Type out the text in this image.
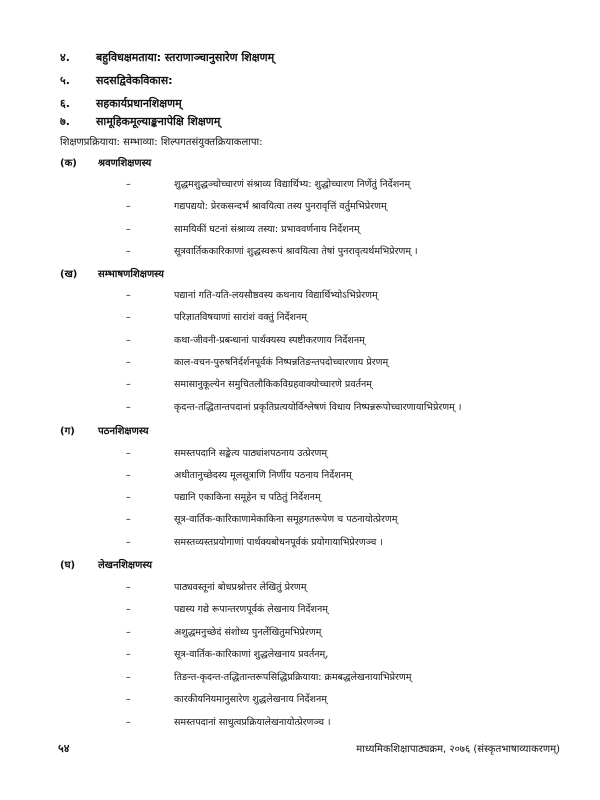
४. बहुविधक्षमताया: स्तराणाञ्चानुसारेण शिक्षणम्
५. सदसद्विवेकविकास:
६. सहकार्यप्रधानशिक्षणम्
७. सामूहिकमूल्याङ्कनापेक्षि शिक्षणम्
शिक्षणप्रक्रियाया: सम्भाव्या: शिल्पगतसंयुक्तक्रियाकलापा:
(क) श्रवणशिक्षणस्य
–	शुद्धमशुद्धञ्चोच्चारणं संश्राव्य विद्यार्थिभ्य: शुद्धोच्चारण निर्णेतुं निर्देशनम्
–	गद्यपद्ययो: प्रेरकसन्दर्भं श्रावयित्वा तस्य पुनरावृत्तिं वर्तुमभिप्रेरणम्
–	सामयिकीं घटनां संश्राव्य तस्या: प्रभाववर्णनाय निर्देशनम्
–	सूत्रवार्तिककारिकाणां शुद्धस्वरूपं श्रावयित्वा तेषां पुनरावृत्यर्थमभिप्रेरणम् ।
(ख) सम्भाषणशिक्षणस्य
–	पद्यानां गति-यति-लयसौष्ठवस्य कथनाय विद्यार्थिभ्योऽभिप्रेरणम्
–	परिज्ञातविषयाणां सारांशं वक्तुं निर्देशनम्
–	कथा-जीवनी-प्रबन्धानां पार्थक्यस्य स्पष्टीकरणाय निर्देशनम्
–	काल-वचन-पुरुषनिर्दर्शनपूर्वकं निष्पन्नतिङन्तपदोच्चारणाय प्रेरणम्
–	समासानुकूल्येन समुचितलौकिकविग्रहवाक्योच्चारणे प्रवर्तनम्
–	कृदन्त-तद्धितान्तपदानां प्रकृतिप्रत्ययोर्विश्लेषणं विधाय निष्पन्नरूपोच्चारणायाभिप्रेरणम् ।
(ग) पठनशिक्षणस्य
–	समस्तपदानि सङ्केत्य पाठ्यांशपठनाय उत्प्रेरणम्
–	अधीतानुच्छेदस्य मूलसूत्राणि निर्णीय पठनाय निर्देशनम्
–	पद्यानि एकाकिना समूहेन च पठितुं निर्देशनम्
–	सूत्र-वार्तिक-कारिकाणामेकाकिना समूहगतरूपेण च पठनायोत्प्रेरणम्
–	समस्तव्यस्तप्रयोगाणां पार्थक्यबोधनपूर्वकं प्रयोगायाभिप्रेरणञ्च ।
(घ) लेखनशिक्षणस्य
–	पाठ्यवस्तूनां बोधप्रश्नोत्तर लेखितुं प्रेरणम्
–	पद्यस्य गद्ये रूपान्तरणपूर्वकं लेखनाय निर्देशनम्
–	अशुद्धमनुच्छेदं संशोध्य पुनर्लेखितुमभिप्रेरणम्
–	सूत्र-वार्तिक-कारिकाणां शुद्धलेखनाय प्रवर्तनम्,
–	तिङन्त-कृदन्त-तद्धितान्तरूपसिद्धिप्रक्रियाया: क्रमबद्धलेखनायाभिप्रेरणम्
–	कारकीयनियमानुसारेण शुद्धलेखनाय निर्देशनम्
–	समस्तपदानां साधुत्वप्रक्रियालेखनायोत्प्रेरणञ्च ।
५४	माध्यमिकशिक्षापाठ्यक्रम, २०७६ (संस्कृतभाषाव्याकरणम्)
